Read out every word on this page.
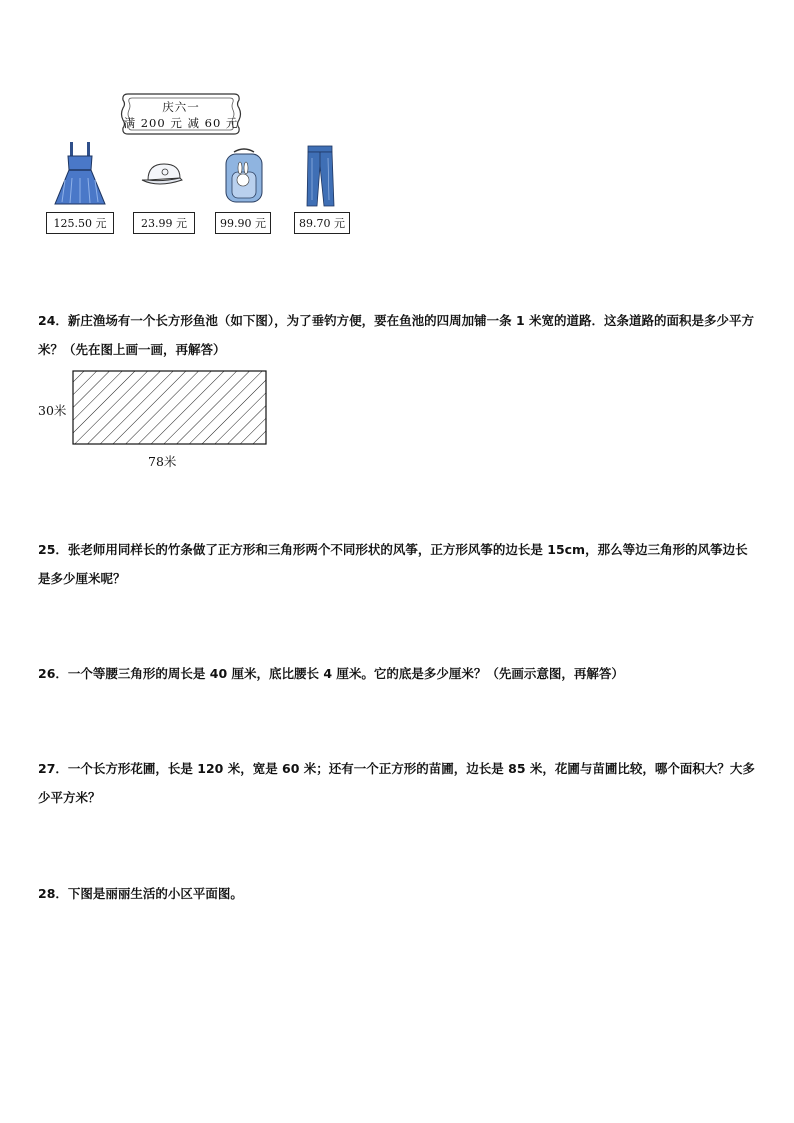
庆六一
满 200 元 减 60 元
125.50 元	23.99 元	99.90 元	89.70 元
24．新庄渔场有一个长方形鱼池（如下图），为了垂钓方便，要在鱼池的四周加铺一条 1 米宽的道路．这条道路的面积是多少平方米？（先在图上画一画，再解答）
30米
78米
25．张老师用同样长的竹条做了正方形和三角形两个不同形状的风筝，正方形风筝的边长是 15cm，那么等边三角形的风筝边长是多少厘米呢？
26．一个等腰三角形的周长是 40 厘米，底比腰长 4 厘米。它的底是多少厘米？（先画示意图，再解答）
27．一个长方形花圃，长是 120 米，宽是 60 米；还有一个正方形的苗圃，边长是 85 米，花圃与苗圃比较，哪个面积大？大多少平方米？
28．下图是丽丽生活的小区平面图。
